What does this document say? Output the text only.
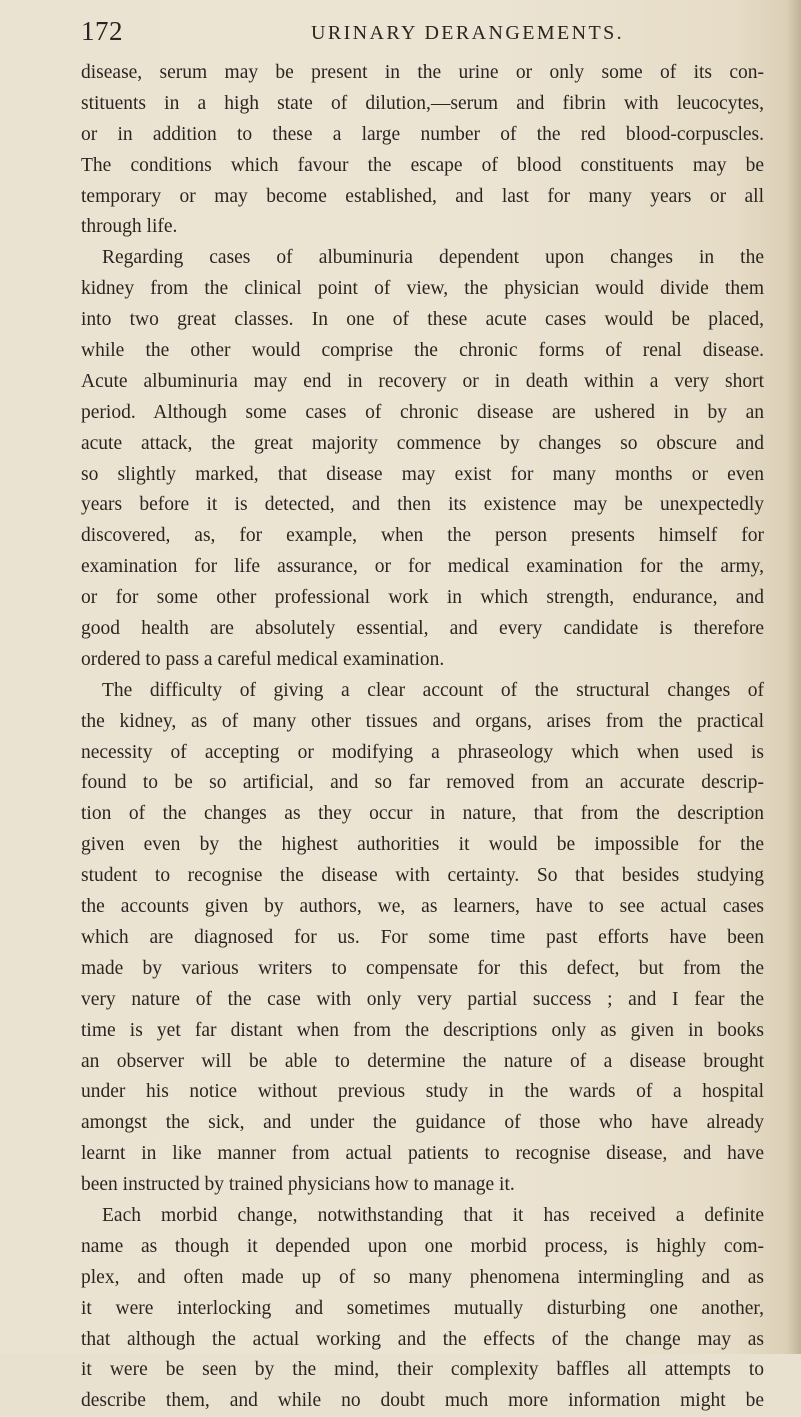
172	URINARY DERANGEMENTS.
disease, serum may be present in the urine or only some of its con-
stituents in a high state of dilution,—serum and fibrin with leucocytes,
or in addition to these a large number of the red blood-corpuscles.
The conditions which favour the escape of blood constituents may be
temporary or may become established, and last for many years or all
through life.
Regarding cases of albuminuria dependent upon changes in the
kidney from the clinical point of view, the physician would divide them
into two great classes. In one of these acute cases would be placed,
while the other would comprise the chronic forms of renal disease.
Acute albuminuria may end in recovery or in death within a very short
period. Although some cases of chronic disease are ushered in by an
acute attack, the great majority commence by changes so obscure and
so slightly marked, that disease may exist for many months or even
years before it is detected, and then its existence may be unexpectedly
discovered, as, for example, when the person presents himself for
examination for life assurance, or for medical examination for the army,
or for some other professional work in which strength, endurance, and
good health are absolutely essential, and every candidate is therefore
ordered to pass a careful medical examination.
The difficulty of giving a clear account of the structural changes of
the kidney, as of many other tissues and organs, arises from the practical
necessity of accepting or modifying a phraseology which when used is
found to be so artificial, and so far removed from an accurate descrip-
tion of the changes as they occur in nature, that from the description
given even by the highest authorities it would be impossible for the
student to recognise the disease with certainty. So that besides studying
the accounts given by authors, we, as learners, have to see actual cases
which are diagnosed for us. For some time past efforts have been
made by various writers to compensate for this defect, but from the
very nature of the case with only very partial success ; and I fear the
time is yet far distant when from the descriptions only as given in books
an observer will be able to determine the nature of a disease brought
under his notice without previous study in the wards of a hospital
amongst the sick, and under the guidance of those who have already
learnt in like manner from actual patients to recognise disease, and have
been instructed by trained physicians how to manage it.
Each morbid change, notwithstanding that it has received a definite
name as though it depended upon one morbid process, is highly com-
plex, and often made up of so many phenomena intermingling and as
it were interlocking and sometimes mutually disturbing one another,
that although the actual working and the effects of the change may as
it were be seen by the mind, their complexity baffles all attempts to
describe them, and while no doubt much more information might be
